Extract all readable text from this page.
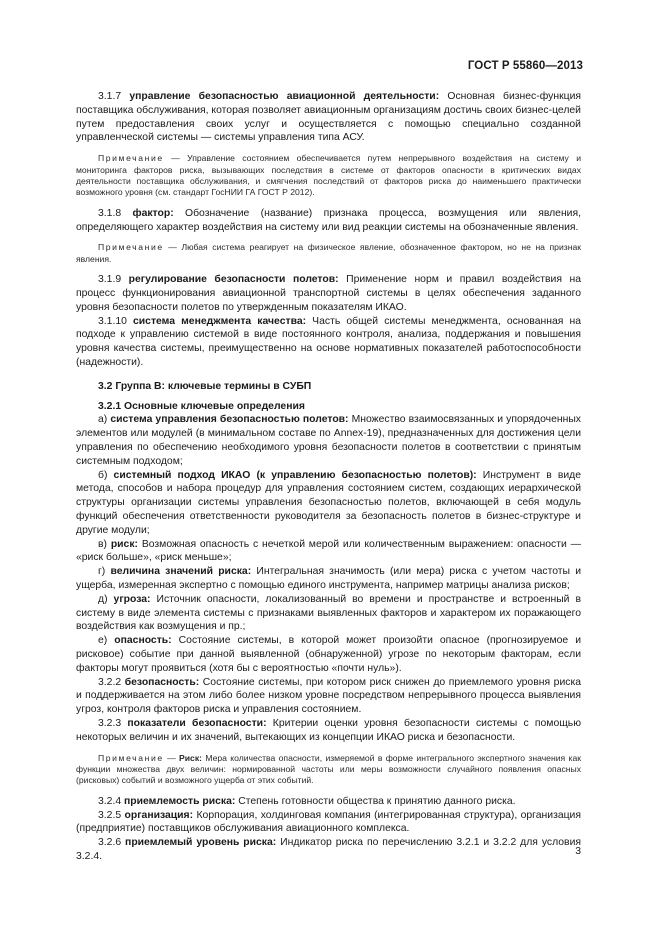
ГОСТ Р 55860—2013

3.1.7 управление безопасностью авиационной деятельности: Основная бизнес-функция поставщика обслуживания, которая позволяет авиационным организациям достичь своих бизнес-целей путем предоставления своих услуг и осуществляется с помощью специально созданной управленческой системы — системы управления типа АСУ.

Примечание — Управление состоянием обеспечивается путем непрерывного воздействия на систему и мониторинга факторов риска, вызывающих последствия в системе от факторов опасности в критических видах деятельности поставщика обслуживания, и смягчения последствий от факторов риска до наименьшего практически возможного уровня (см. стандарт ГосНИИ ГА ГОСТ Р 2012).

3.1.8 фактор: Обозначение (название) признака процесса, возмущения или явления, определяющего характер воздействия на систему или вид реакции системы на обозначенные явления.

Примечание — Любая система реагирует на физическое явление, обозначенное фактором, но не на признак явления.

3.1.9 регулирование безопасности полетов: Применение норм и правил воздействия на процесс функционирования авиационной транспортной системы в целях обеспечения заданного уровня безопасности полетов по утвержденным показателям ИКАО.

3.1.10 система менеджмента качества: Часть общей системы менеджмента, основанная на подходе к управлению системой в виде постоянного контроля, анализа, поддержания и повышения уровня качества системы, преимущественно на основе нормативных показателей работоспособности (надежности).

3.2 Группа В: ключевые термины в СУБП

3.2.1 Основные ключевые определения

а) система управления безопасностью полетов: Множество взаимосвязанных и упорядоченных элементов или модулей (в минимальном составе по Annex-19), предназначенных для достижения цели управления по обеспечению необходимого уровня безопасности полетов в соответствии с принятым системным подходом;

б) системный подход ИКАО (к управлению безопасностью полетов): Инструмент в виде метода, способов и набора процедур для управления состоянием систем, создающих иерархической структуры организации системы управления безопасностью полетов, включающей в себя модуль функций обеспечения ответственности руководителя за безопасность полетов в бизнес-структуре и другие модули;

в) риск: Возможная опасность с нечеткой мерой или количественным выражением: опасности — «риск больше», «риск меньше»;

г) величина значений риска: Интегральная значимость (или мера) риска с учетом частоты и ущерба, измеренная экспертно с помощью единого инструмента, например матрицы анализа рисков;

д) угроза: Источник опасности, локализованный во времени и пространстве и встроенный в систему в виде элемента системы с признаками выявленных факторов и характером их поражающего воздействия как возмущения и пр.;

е) опасность: Состояние системы, в которой может произойти опасное (прогнозируемое и рисковое) событие при данной выявленной (обнаруженной) угрозе по некоторым факторам, если факторы могут проявиться (хотя бы с вероятностью «почти нуль»).

3.2.2 безопасность: Состояние системы, при котором риск снижен до приемлемого уровня риска и поддерживается на этом либо более низком уровне посредством непрерывного процесса выявления угроз, контроля факторов риска и управления состоянием.

3.2.3 показатели безопасности: Критерии оценки уровня безопасности системы с помощью некоторых величин и их значений, вытекающих из концепции ИКАО риска и безопасности.

Примечание — Риск: Мера количества опасности, измеряемой в форме интегрального экспертного значения как функции множества двух величин: нормированной частоты или меры возможности случайного появления опасных (рисковых) событий и возможного ущерба от этих событий.

3.2.4 приемлемость риска: Степень готовности общества к принятию данного риска.

3.2.5 организация: Корпорация, холдинговая компания (интегрированная структура), организация (предприятие) поставщиков обслуживания авиационного комплекса.

3.2.6 приемлемый уровень риска: Индикатор риска по перечислению 3.2.1 и 3.2.2 для условия 3.2.4.	3
